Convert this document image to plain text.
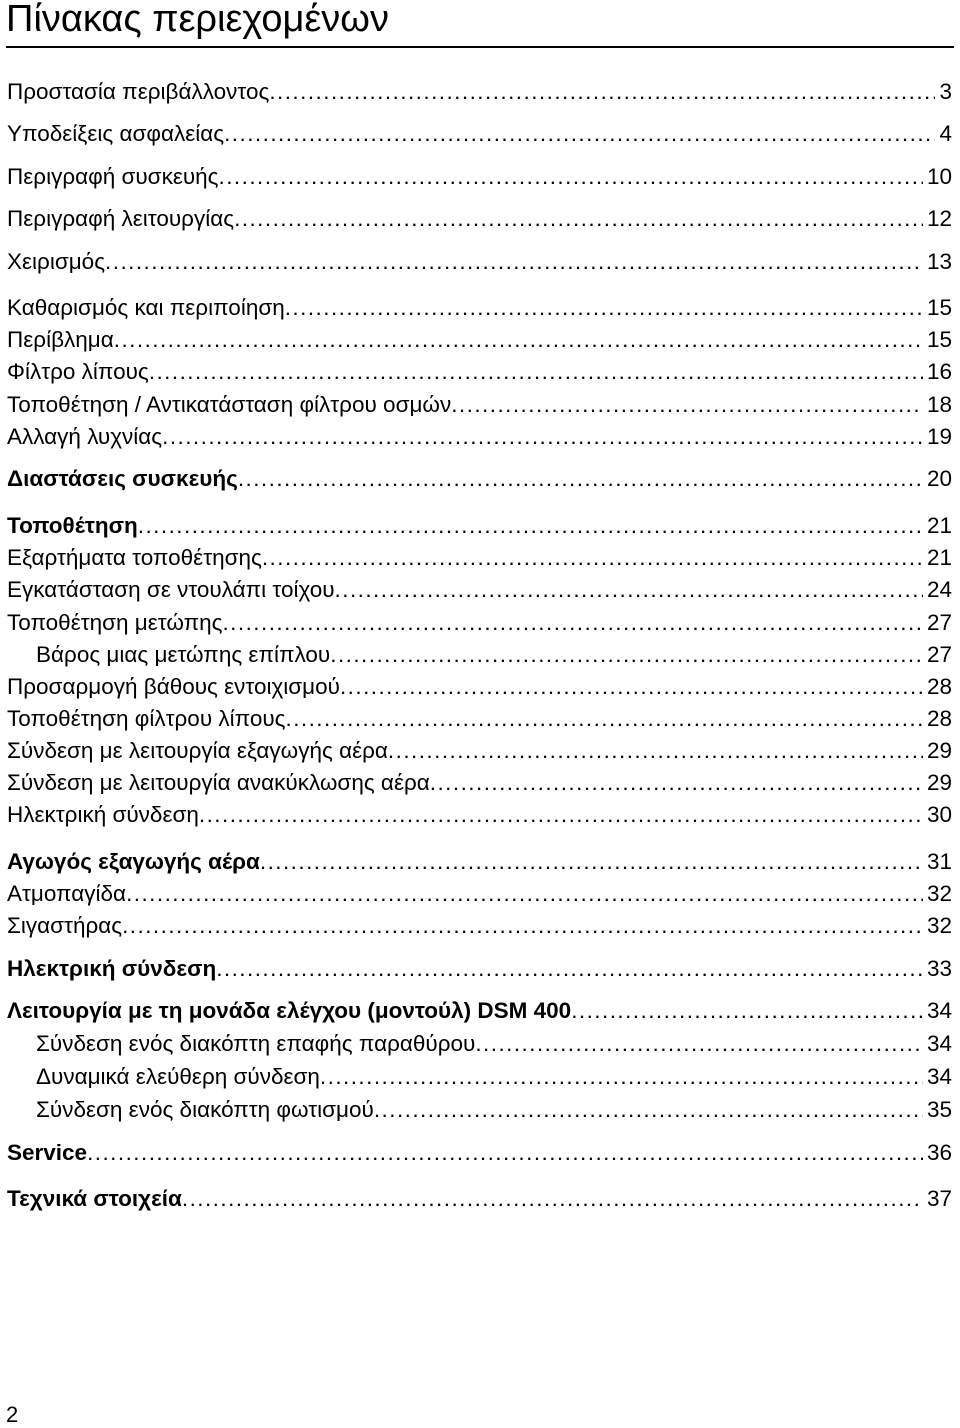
Πίνακας περιεχομένων
Προστασία περιβάλλοντος . . .	3
Υποδείξεις ασφαλείας . . .	4
Περιγραφή συσκευής . . .	10
Περιγραφή λειτουργίας . . .	12
Χειρισμός . . .	13
Καθαρισμός και περιποίηση . . .	15
Περίβλημα . . .	15
Φίλτρο λίπους . . .	16
Τοποθέτηση / Αντικατάσταση φίλτρου οσμών . . .	18
Αλλαγή λυχνίας . . .	19
Διαστάσεις συσκευής . . .	20
Τοποθέτηση . . .	21
Εξαρτήματα τοποθέτησης . . .	21
Εγκατάσταση σε ντουλάπι τοίχου . . .	24
Τοποθέτηση μετώπης . . .	27
Βάρος μιας μετώπης επίπλου . . .	27
Προσαρμογή βάθους εντοιχισμού . . .	28
Τοποθέτηση φίλτρου λίπους . . .	28
Σύνδεση με λειτουργία εξαγωγής αέρα . . .	29
Σύνδεση με λειτουργία ανακύκλωσης αέρα . . .	29
Ηλεκτρική σύνδεση . . .	30
Αγωγός εξαγωγής αέρα . . .	31
Ατμοπαγίδα . . .	32
Σιγαστήρας . . .	32
Ηλεκτρική σύνδεση . . .	33
Λειτουργία με τη μονάδα ελέγχου (μοντούλ) DSM 400 . . .	34
Σύνδεση ενός διακόπτη επαφής παραθύρου . . .	34
Δυναμικά ελεύθερη σύνδεση . . .	34
Σύνδεση ενός διακόπτη φωτισμού . . .	35
Service . . .	36
Τεχνικά στοιχεία . . .	37
2
